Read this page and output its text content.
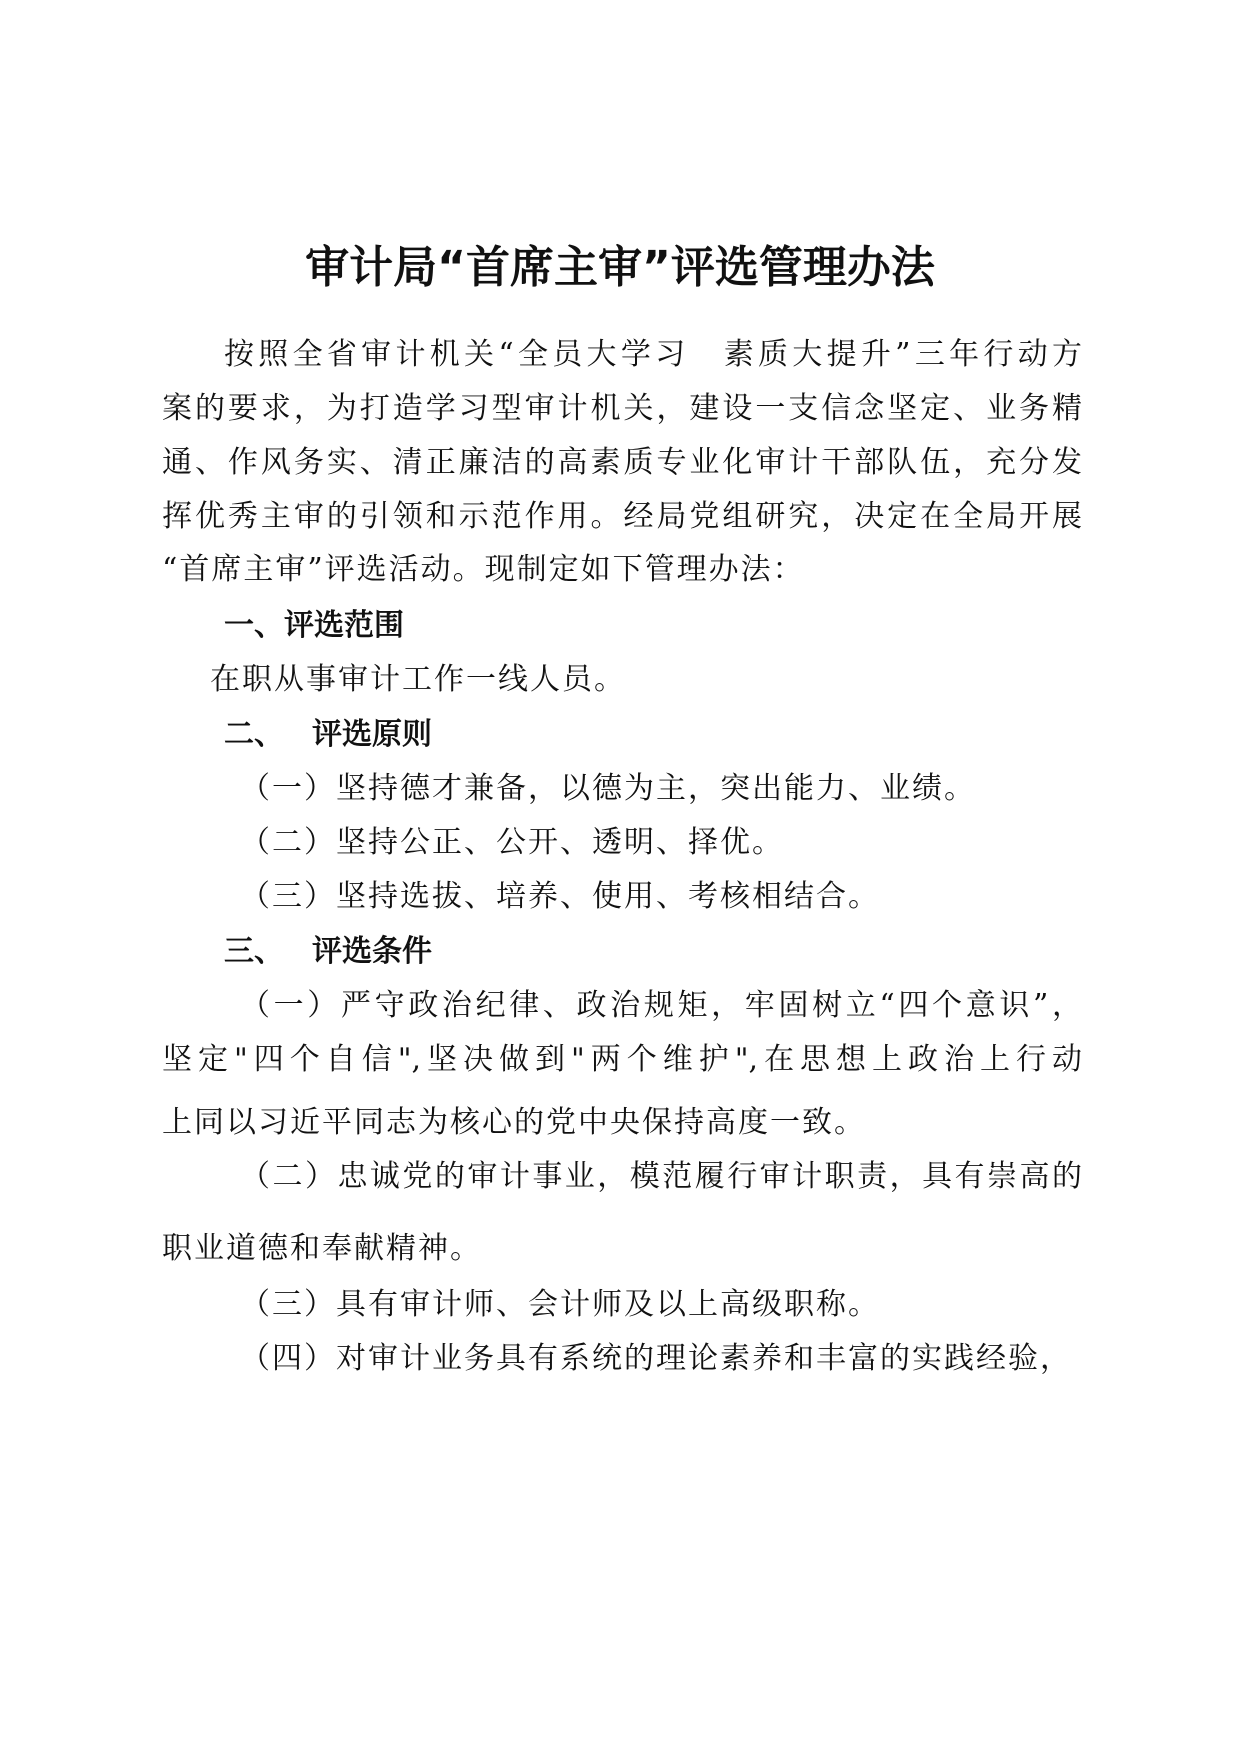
审计局“首席主审”评选管理办法
按照全省审计机关“全员大学习　素质大提升”三年行动方
案的要求，为打造学习型审计机关，建设一支信念坚定、业务精
通、作风务实、清正廉洁的高素质专业化审计干部队伍，充分发
挥优秀主审的引领和示范作用。经局党组研究，决定在全局开展
“首席主审”评选活动。现制定如下管理办法：
一、评选范围
在职从事审计工作一线人员。
二、 评选原则
（一）坚持德才兼备，以德为主，突出能力、业绩。
（二）坚持公正、公开、透明、择优。
（三）坚持选拔、培养、使用、考核相结合。
三、 评选条件
（一）严守政治纪律、政治规矩，牢固树立“四个意识”，
坚定"四个自信",坚决做到"两个维护",在思想上政治上行动
上同以习近平同志为核心的党中央保持高度一致。
（二）忠诚党的审计事业，模范履行审计职责，具有崇高的
职业道德和奉献精神。
（三）具有审计师、会计师及以上高级职称。
（四）对审计业务具有系统的理论素养和丰富的实践经验，
